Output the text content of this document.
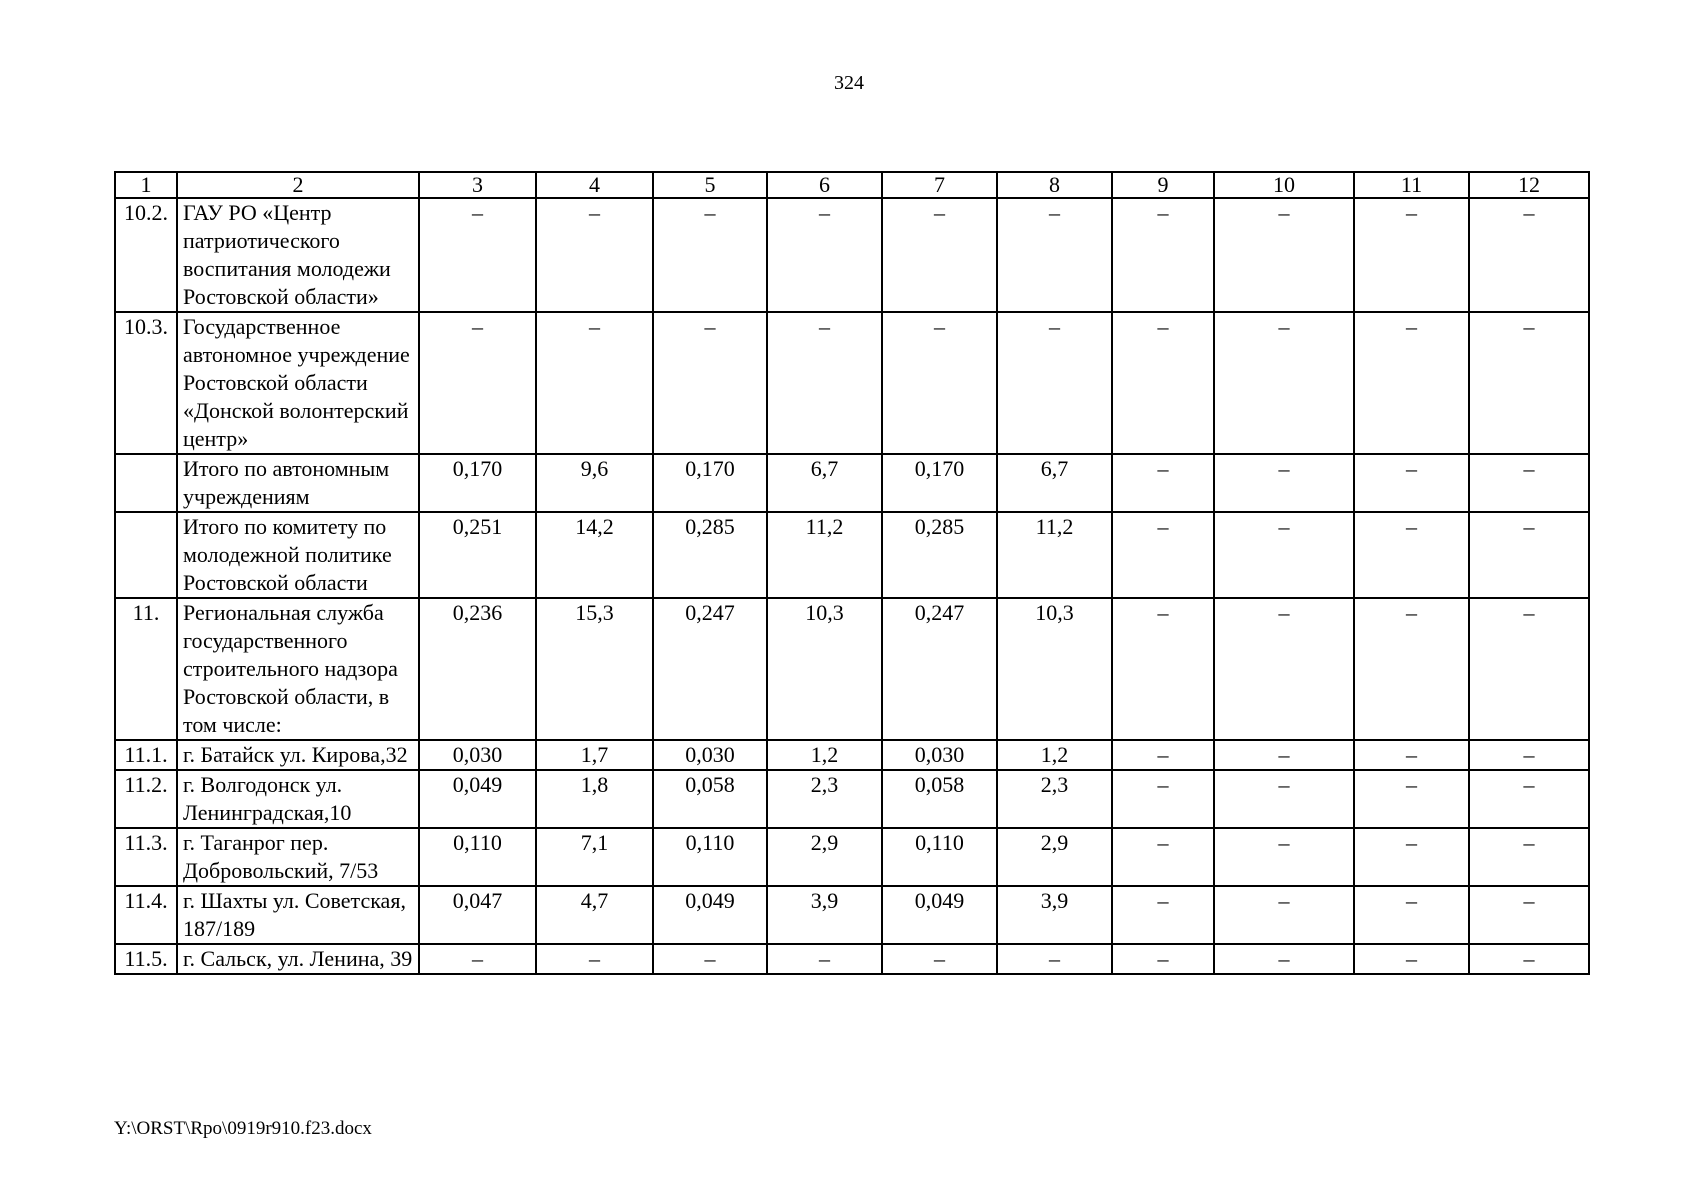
324
1	2	3	4	5	6	7	8	9	10	11	12
10.2.	ГАУ РО «Центр патриотического воспитания молодежи Ростовской области»	–	–	–	–	–	–	–	–	–	–
10.3.	Государственное автономное учреждение Ростовской области «Донской волонтерский центр»	–	–	–	–	–	–	–	–	–	–
	Итого по автономным учреждениям	0,170	9,6	0,170	6,7	0,170	6,7	–	–	–	–
	Итого по комитету по молодежной политике Ростовской области	0,251	14,2	0,285	11,2	0,285	11,2	–	–	–	–
11.	Региональная служба государственного строительного надзора Ростовской области, в том числе:	0,236	15,3	0,247	10,3	0,247	10,3	–	–	–	–
11.1.	г. Батайск ул. Кирова,32	0,030	1,7	0,030	1,2	0,030	1,2	–	–	–	–
11.2.	г. Волгодонск ул. Ленинградская,10	0,049	1,8	0,058	2,3	0,058	2,3	–	–	–	–
11.3.	г. Таганрог пер. Добровольский, 7/53	0,110	7,1	0,110	2,9	0,110	2,9	–	–	–	–
11.4.	г. Шахты ул. Советская, 187/189	0,047	4,7	0,049	3,9	0,049	3,9	–	–	–	–
11.5.	г. Сальск, ул. Ленина, 39	–	–	–	–	–	–	–	–	–	–
Y:\ORST\Rpo\0919r910.f23.docx
